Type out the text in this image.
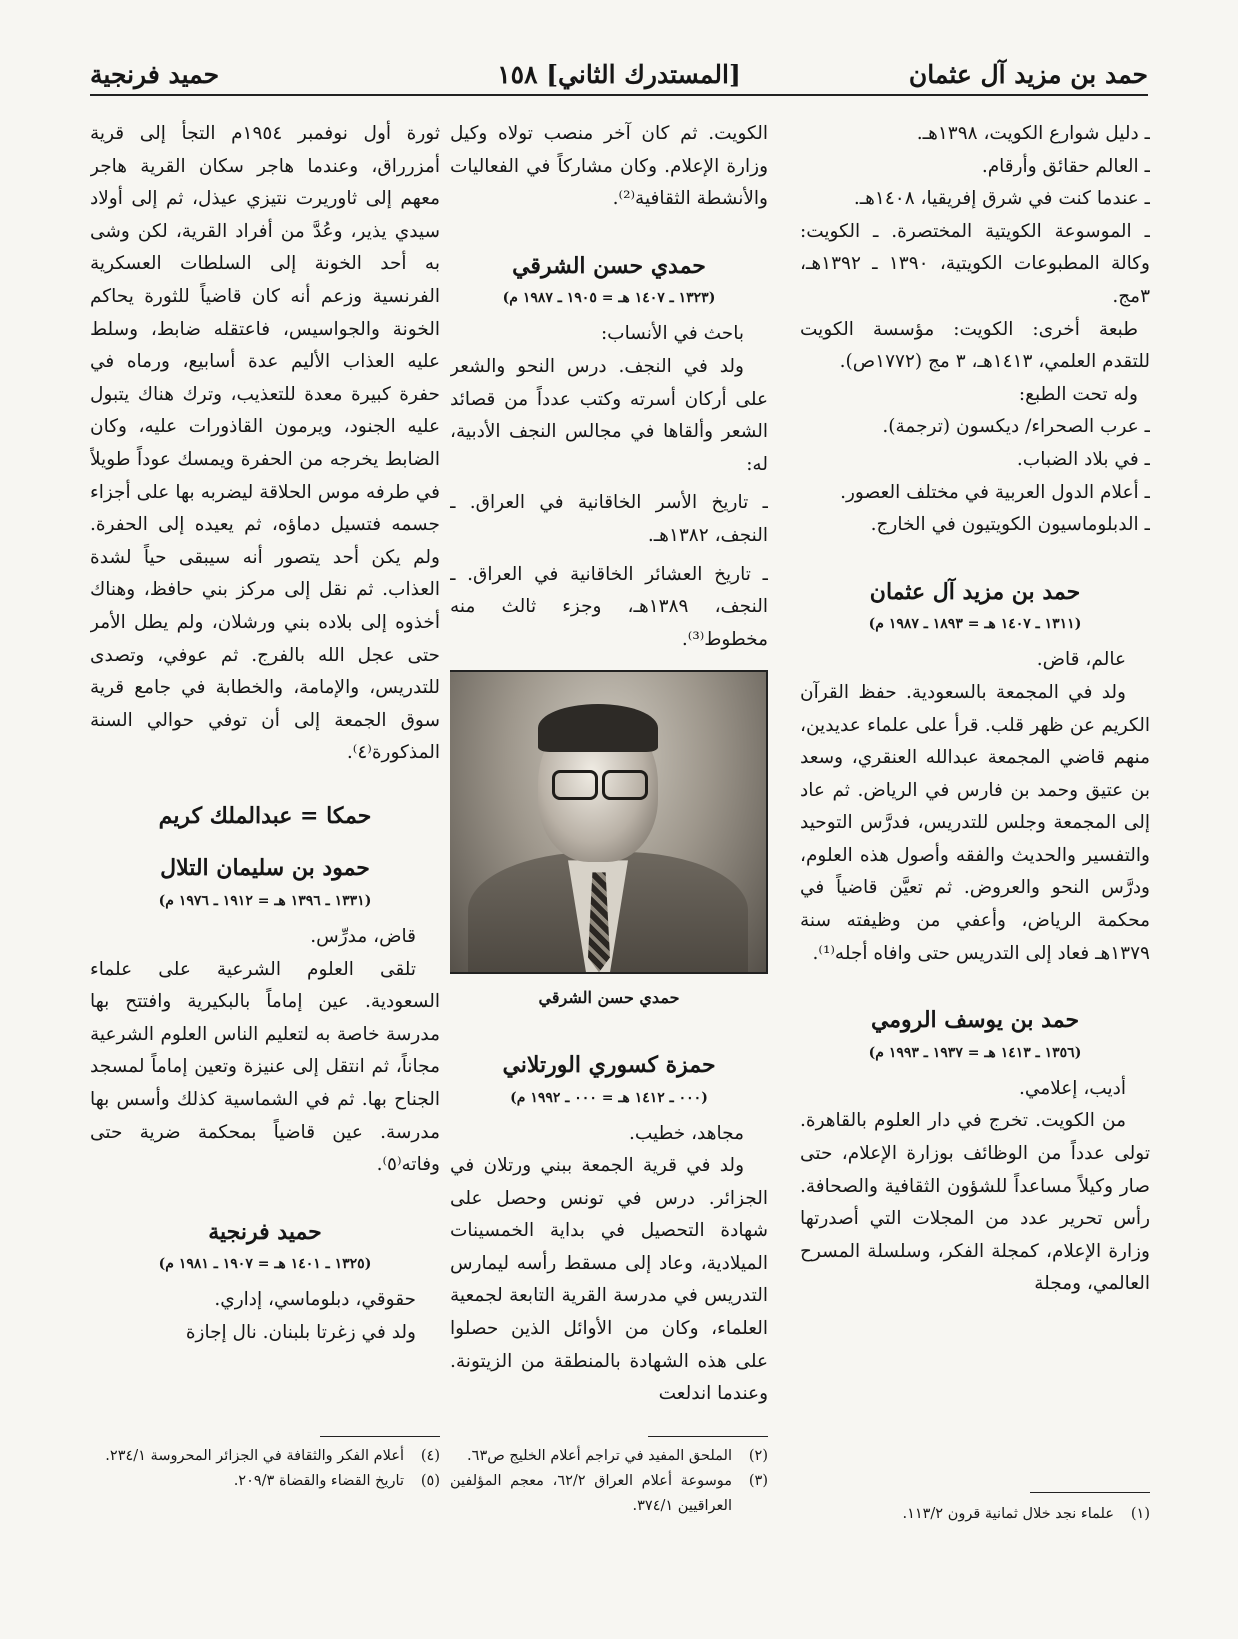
حمد بن مزيد آل عثمان
[المستدرك الثاني] ١٥٨
حميد فرنجية

ـ دليل شوارع الكويت، ١٣٩٨هـ.

ـ العالم حقائق وأرقام.

ـ عندما كنت في شرق إفريقيا، ١٤٠٨هـ.

ـ الموسوعة الكويتية المختصرة. ـ الكويت: وكالة المطبوعات الكويتية، ١٣٩٠ ـ ١٣٩٢هـ، ٣مج.

طبعة أخرى: الكويت: مؤسسة الكويت للتقدم العلمي، ١٤١٣هـ، ٣ مج (١٧٧٢ص).

وله تحت الطبع:

ـ عرب الصحراء/ ديكسون (ترجمة).

ـ في بلاد الضباب.

ـ أعلام الدول العربية في مختلف العصور.

ـ الدبلوماسيون الكويتيون في الخارج.

حمد بن مزيد آل عثمان
(١٣١١ ـ ١٤٠٧ هـ = ١٨٩٣ ـ ١٩٨٧ م)

عالم، قاض.

ولد في المجمعة بالسعودية. حفظ القرآن الكريم عن ظهر قلب. قرأ على علماء عديدين، منهم قاضي المجمعة عبدالله العنقري، وسعد بن عتيق وحمد بن فارس في الرياض. ثم عاد إلى المجمعة وجلس للتدريس، فدرَّس التوحيد والتفسير والحديث والفقه وأصول هذه العلوم، ودرَّس النحو والعروض. ثم تعيَّن قاضياً في محكمة الرياض، وأعفي من وظيفته سنة ١٣٧٩هـ فعاد إلى التدريس حتى وافاه أجله⁽¹⁾.

حمد بن يوسف الرومي
(١٣٥٦ ـ ١٤١٣ هـ = ١٩٣٧ ـ ١٩٩٣ م)

أديب، إعلامي.

من الكويت. تخرج في دار العلوم بالقاهرة. تولى عدداً من الوظائف بوزارة الإعلام، حتى صار وكيلاً مساعداً للشؤون الثقافية والصحافة. رأس تحرير عدد من المجلات التي أصدرتها وزارة الإعلام، كمجلة الفكر، وسلسلة المسرح العالمي، ومجلة

الكويت. ثم كان آخر منصب تولاه وكيل وزارة الإعلام. وكان مشاركاً في الفعاليات والأنشطة الثقافية⁽²⁾.

حمدي حسن الشرقي
(١٣٢٣ ـ ١٤٠٧ هـ = ١٩٠٥ ـ ١٩٨٧ م)

باحث في الأنساب:

ولد في النجف. درس النحو والشعر على أركان أسرته وكتب عدداً من قصائد الشعر وألقاها في مجالس النجف الأدبية، له:

ـ تاريخ الأسر الخاقانية في العراق. ـ النجف، ١٣٨٢هـ.

ـ تاريخ العشائر الخاقانية في العراق. ـ النجف، ١٣٨٩هـ، وجزء ثالث منه مخطوط⁽³⁾.

حمدي حسن الشرقي
حمزة كسوري الورتلاني
(٠٠٠ ـ ١٤١٢ هـ = ٠٠٠ ـ ١٩٩٢ م)

مجاهد، خطيب.

ولد في قرية الجمعة ببني ورتلان في الجزائر. درس في تونس وحصل على شهادة التحصيل في بداية الخمسينات الميلادية، وعاد إلى مسقط رأسه ليمارس التدريس في مدرسة القرية التابعة لجمعية العلماء، وكان من الأوائل الذين حصلوا على هذه الشهادة بالمنطقة من الزيتونة. وعندما اندلعت

ثورة أول نوفمبر ١٩٥٤م التجأ إلى قرية أمزرراق، وعندما هاجر سكان القرية هاجر معهم إلى ثاوريرت نتيزي عيذل، ثم إلى أولاد سيدي يذير، وعُدَّ من أفراد القرية، لكن وشى به أحد الخونة إلى السلطات العسكرية الفرنسية وزعم أنه كان قاضياً للثورة يحاكم الخونة والجواسيس، فاعتقله ضابط، وسلط عليه العذاب الأليم عدة أسابيع، ورماه في حفرة كبيرة معدة للتعذيب، وترك هناك يتبول عليه الجنود، ويرمون القاذورات عليه، وكان الضابط يخرجه من الحفرة ويمسك عوداً طويلاً في طرفه موس الحلاقة ليضربه بها على أجزاء جسمه فتسيل دماؤه، ثم يعيده إلى الحفرة. ولم يكن أحد يتصور أنه سيبقى حياً لشدة العذاب. ثم نقل إلى مركز بني حافظ، وهناك أخذوه إلى بلاده بني ورشلان، ولم يطل الأمر حتى عجل الله بالفرج. ثم عوفي، وتصدى للتدريس، والإمامة، والخطابة في جامع قرية سوق الجمعة إلى أن توفي حوالي السنة المذكورة⁽٤⁾.

حمكا = عبدالملك كريم
حمود بن سليمان التلال
(١٣٣١ ـ ١٣٩٦ هـ = ١٩١٢ ـ ١٩٧٦ م)

قاض، مدرِّس.

تلقى العلوم الشرعية على علماء السعودية. عين إماماً بالبكيرية وافتتح بها مدرسة خاصة به لتعليم الناس العلوم الشرعية مجاناً، ثم انتقل إلى عنيزة وتعين إماماً لمسجد الجناح بها. ثم في الشماسية كذلك وأسس بها مدرسة. عين قاضياً بمحكمة ضرية حتى وفاته⁽٥⁾.

حميد فرنجية
(١٣٢٥ ـ ١٤٠١ هـ = ١٩٠٧ ـ ١٩٨١ م)

حقوقي، دبلوماسي، إداري.

ولد في زغرتا بلبنان. نال إجازة

(١)
علماء نجد خلال ثمانية قرون ١١٣/٢.
(٢)
الملحق المفيد في تراجم أعلام الخليج ص٦٣.
(٣)
موسوعة أعلام العراق ٦٢/٢، معجم المؤلفين العراقيين ٣٧٤/١.
(٤)
أعلام الفكر والثقافة في الجزائر المحروسة ٢٣٤/١.
(٥)
تاريخ القضاء والقضاة ٢٠٩/٣.
